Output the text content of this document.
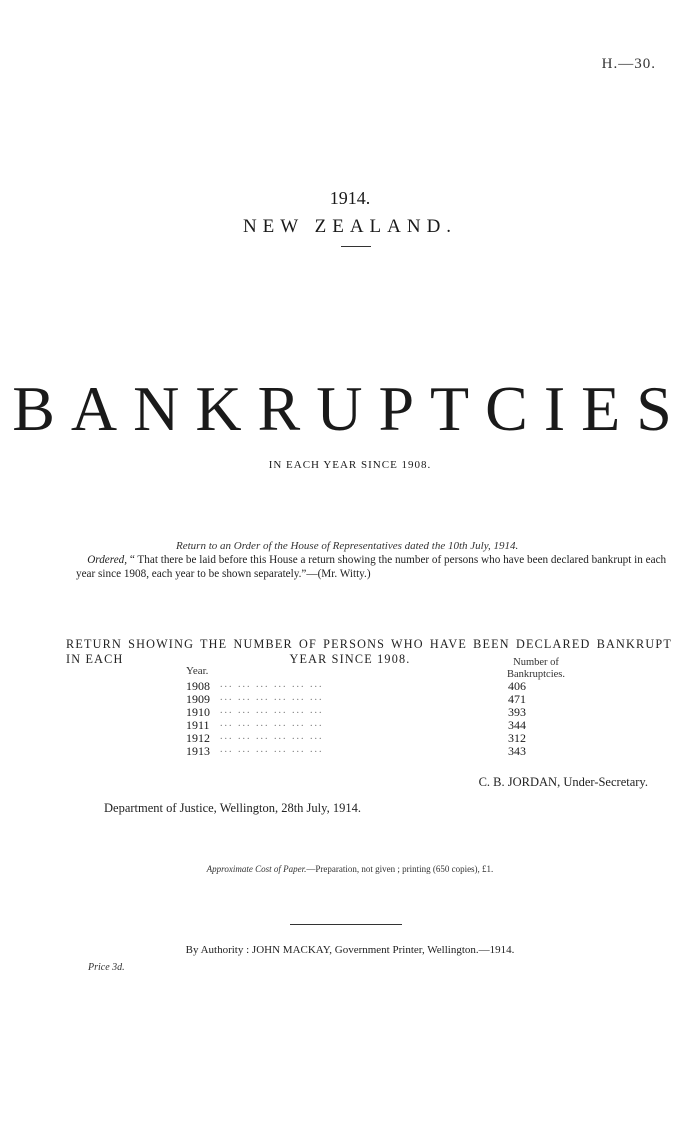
H.—30.
1914.
NEW ZEALAND.
BANKRUPTCIES
IN EACH YEAR SINCE 1908.
Return to an Order of the House of Representatives dated the 10th July, 1914.
Ordered, “ That there be laid before this House a return showing the number of persons who have been declared bankrupt in each year since 1908, each year to be shown separately.”—(Mr. Witty.)
RETURN SHOWING THE NUMBER OF PERSONS WHO HAVE BEEN DECLARED BANKRUPT IN EACH	YEAR SINCE 1908.
Year.
Number of
Bankruptcies.
1908 ... ... ... ... ... ...	406
1909 ... ... ... ... ... ...	471
1910 ... ... ... ... ... ...	393
1911 ... ... ... ... ... ...	344
1912 ... ... ... ... ... ...	312
1913 ... ... ... ... ... ...	343
C. B. JORDAN, Under-Secretary.
Department of Justice, Wellington, 28th July, 1914.
Approximate Cost of Paper.—Preparation, not given ; printing (650 copies), £1.
By Authority : JOHN MACKAY, Government Printer, Wellington.—1914.
Price 3d.
